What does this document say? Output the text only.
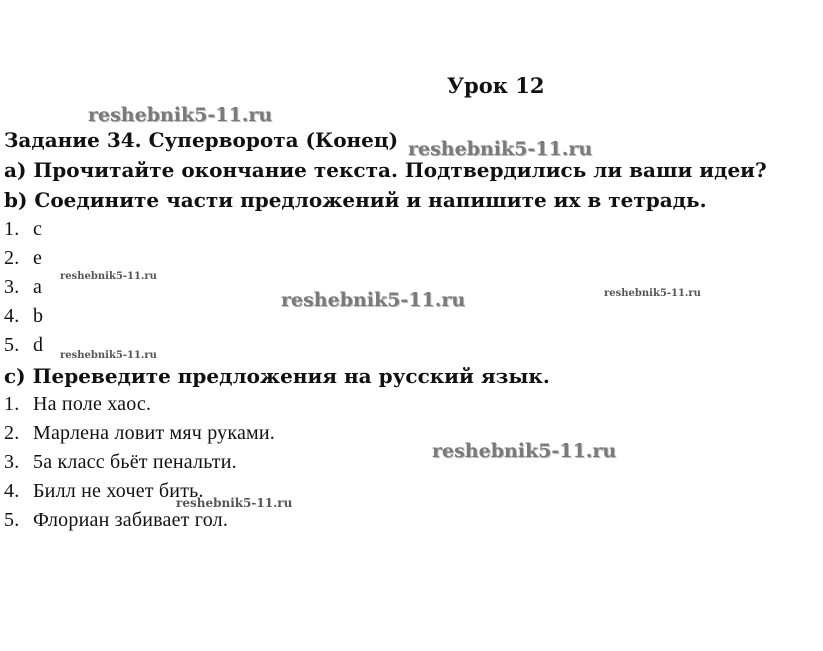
Урок 12
Задание 34. Суперворота (Конец)
a) Прочитайте окончание текста. Подтвердились ли ваши идеи?
b) Соедините части предложений и напишите их в тетрадь.
1. c
2. e
3. a
4. b
5. d
c) Переведите предложения на русский язык.
1. На поле хаос.
2. Марлена ловит мяч руками.
3. 5а класс бьёт пенальти.
4. Билл не хочет бить.
5. Флориан забивает гол.
reshebnik5-11.ru
reshebnik5-11.ru
reshebnik5-11.ru
reshebnik5-11.ru	reshebnik5-11.ru
reshebnik5-11.ru
reshebnik5-11.ru
reshebnik5-11.ru
